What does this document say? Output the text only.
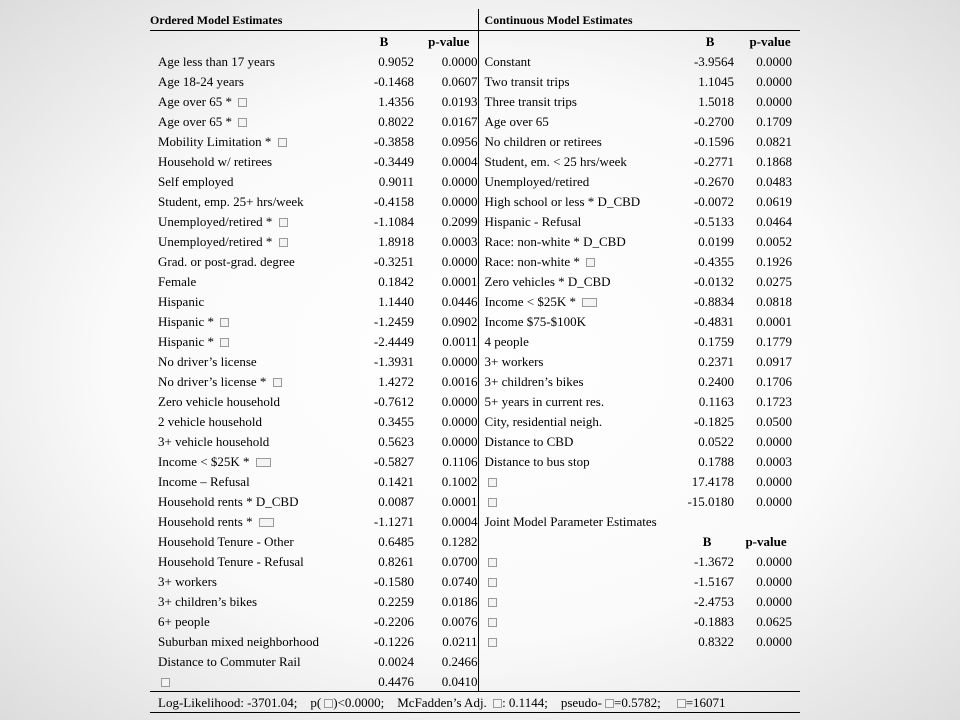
Ordered Model Estimates			Continuous Model Estimates		
	B	p-value		B	p-value
Age less than 17 years	0.9052	0.0000	Constant	-3.9564	0.0000
Age 18-24 years	-0.1468	0.0607	Two transit trips	1.1045	0.0000
Age over 65 *	1.4356	0.0193	Three transit trips	1.5018	0.0000
Age over 65 *	0.8022	0.0167	Age over 65	-0.2700	0.1709
Mobility Limitation *	-0.3858	0.0956	No children or retirees	-0.1596	0.0821
Household w/ retirees	-0.3449	0.0004	Student, em. < 25 hrs/week	-0.2771	0.1868
Self employed	0.9011	0.0000	Unemployed/retired	-0.2670	0.0483
Student, emp. 25+ hrs/week	-0.4158	0.0000	High school or less * D_CBD	-0.0072	0.0619
Unemployed/retired *	-1.1084	0.2099	Hispanic - Refusal	-0.5133	0.0464
Unemployed/retired *	1.8918	0.0003	Race: non-white * D_CBD	0.0199	0.0052
Grad. or post-grad. degree	-0.3251	0.0000	Race: non-white *	-0.4355	0.1926
Female	0.1842	0.0001	Zero vehicles * D_CBD	-0.0132	0.0275
Hispanic	1.1440	0.0446	Income < $25K *	-0.8834	0.0818
Hispanic *	-1.2459	0.0902	Income $75-$100K	-0.4831	0.0001
Hispanic *	-2.4449	0.0011	4 people	0.1759	0.1779
No driver’s license	-1.3931	0.0000	3+ workers	0.2371	0.0917
No driver’s license *	1.4272	0.0016	3+ children’s bikes	0.2400	0.1706
Zero vehicle household	-0.7612	0.0000	5+ years in current res.	0.1163	0.1723
2 vehicle household	0.3455	0.0000	City, residential neigh.	-0.1825	0.0500
3+ vehicle household	0.5623	0.0000	Distance to CBD	0.0522	0.0000
Income < $25K *	-0.5827	0.1106	Distance to bus stop	0.1788	0.0003
Income – Refusal	0.1421	0.1002		17.4178	0.0000
Household rents * D_CBD	0.0087	0.0001		-15.0180	0.0000
Household rents *	-1.1271	0.0004	Joint Model Parameter Estimates		
Household Tenure - Other	0.6485	0.1282		B	p-value
Household Tenure - Refusal	0.8261	0.0700		-1.3672	0.0000
3+ workers	-0.1580	0.0740		-1.5167	0.0000
3+ children’s bikes	0.2259	0.0186		-2.4753	0.0000
6+ people	-0.2206	0.0076		-0.1883	0.0625
Suburban mixed neighborhood	-0.1226	0.0211		0.8322	0.0000
Distance to Commuter Rail	0.0024	0.2466			
	0.4476	0.0410			
Log-Likelihood: -3701.04;    p( )<0.0000;    McFadden’s Adj. : 0.1144;    pseudo- =0.5782;    =16071					
